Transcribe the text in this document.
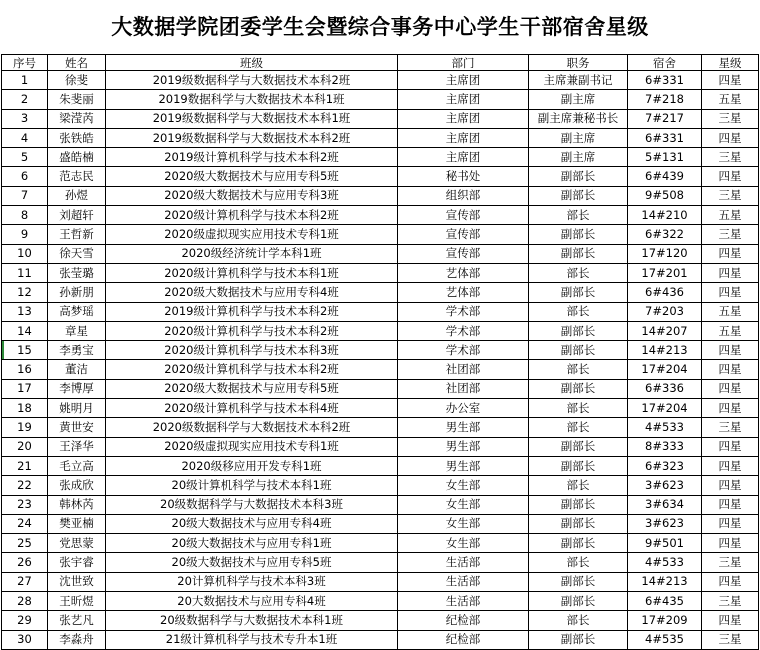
大数据学院团委学生会暨综合事务中心学生干部宿舍星级
序号	姓名	班级	部门	职务	宿舍	星级
1	徐斐	2019级数据科学与大数据技术本科2班	主席团	主席兼副书记	6#331	四星
2	朱斐丽	2019数据科学与大数据技术本科1班	主席团	副主席	7#218	五星
3	梁滢芮	2019级数据科学与大数据技术本科1班	主席团	副主席兼秘书长	7#217	三星
4	张铁皓	2019级数据科学与大数据技术本科2班	主席团	副主席	6#331	四星
5	盛皓楠	2019级计算机科学与技术本科2班	主席团	副主席	5#131	三星
6	范志民	2020级大数据技术与应用专科5班	秘书处	副部长	6#439	四星
7	孙煜	2020级大数据技术与应用专科3班	组织部	副部长	9#508	三星
8	刘超轩	2020级计算机科学与技术本科2班	宣传部	部长	14#210	五星
9	王哲新	2020级虚拟现实应用技术专科1班	宣传部	副部长	6#322	三星
10	徐天雪	2020级经济统计学本科1班	宣传部	副部长	17#120	四星
11	张莹璐	2020级计算机科学与技术本科1班	艺体部	部长	17#201	四星
12	孙新朋	2020级大数据技术与应用专科4班	艺体部	副部长	6#436	四星
13	高梦瑶	2019级计算机科学与技术本科2班	学术部	部长	7#203	五星
14	章星	2020级计算机科学与技术本科2班	学术部	副部长	14#207	五星
15	李勇宝	2020级计算机科学与技术本科3班	学术部	副部长	14#213	四星
16	董洁	2020级计算机科学与技术本科2班	社团部	部长	17#204	四星
17	李博厚	2020级大数据技术与应用专科5班	社团部	副部长	6#336	四星
18	姚明月	2020级计算机科学与技术本科4班	办公室	部长	17#204	四星
19	黄世安	2020级数据科学与大数据技术本科2班	男生部	部长	4#533	三星
20	王泽华	2020级虚拟现实应用技术专科1班	男生部	副部长	8#333	四星
21	毛立高	2020级移应用开发专科1班	男生部	副部长	6#323	四星
22	张成欣	20级计算机科学与技术本科1班	女生部	部长	3#623	四星
23	韩林芮	20级数据科学与大数据技术本科3班	女生部	副部长	3#634	四星
24	樊亚楠	20级大数据技术与应用专科4班	女生部	副部长	3#623	四星
25	党思蒙	20级大数据技术与应用专科1班	女生部	副部长	9#501	四星
26	张宇睿	20级大数据技术与应用专科5班	生活部	部长	4#533	三星
27	沈世致	20计算机科学与技术本科3班	生活部	副部长	14#213	四星
28	王昕煜	20大数据技术与应用专科4班	生活部	副部长	6#435	三星
29	张艺凡	20级数据科学与大数据技术本科1班	纪检部	部长	17#209	四星
30	李淼舟	21级计算机科学与技术专升本1班	纪检部	副部长	4#535	三星
